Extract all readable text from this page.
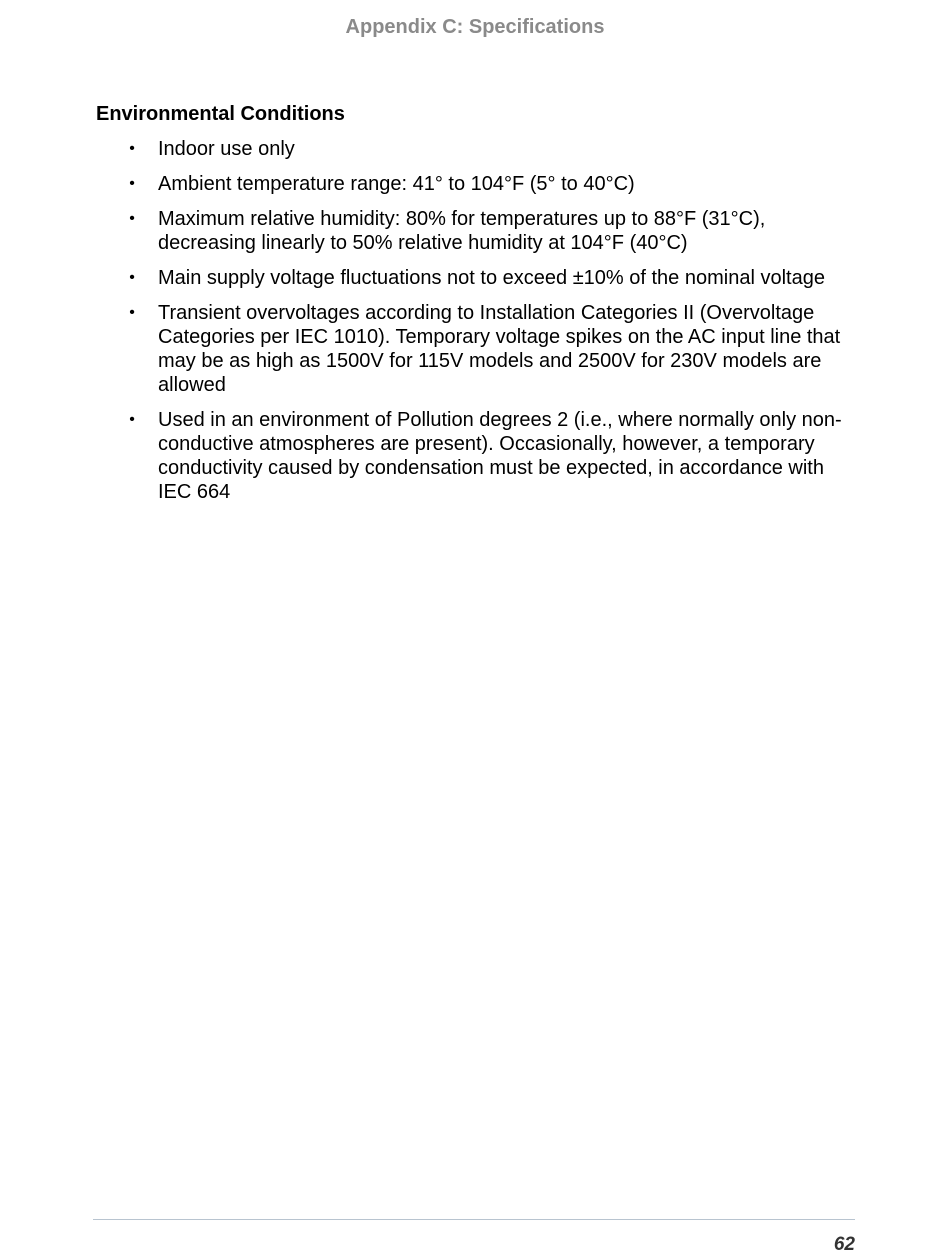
Appendix C: Specifications
Environmental Conditions
• Indoor use only
• Ambient temperature range: 41° to 104°F (5° to 40°C)
• Maximum relative humidity: 80% for temperatures up to 88°F (31°C), decreasing linearly to 50% relative humidity at 104°F (40°C)
• Main supply voltage fluctuations not to exceed ±10% of the nominal voltage
• Transient overvoltages according to Installation Categories II (Overvoltage Categories per IEC 1010). Temporary voltage spikes on the AC input line that may be as high as 1500V for 115V models and 2500V for 230V models are allowed
• Used in an environment of Pollution degrees 2 (i.e., where normally only non-conductive atmospheres are present). Occasionally, however, a temporary conductivity caused by condensation must be expected, in accordance with IEC 664
62
